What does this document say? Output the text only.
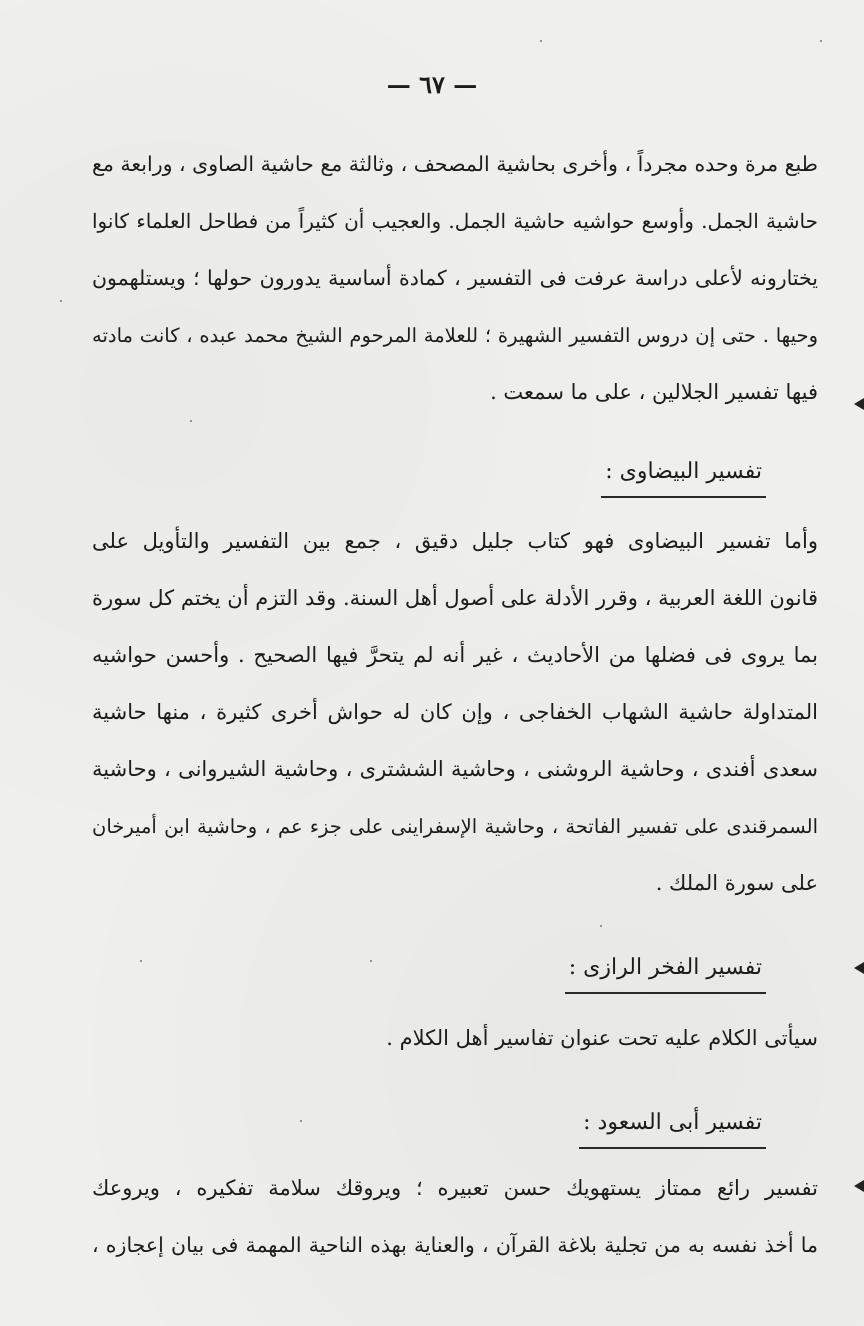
— ٦٧ —
طبع مرة وحده مجرداً ، وأخرى بحاشية المصحف ، وثالثة مع حاشية الصاوى ، ورابعة مع
حاشية الجمل. وأوسع حواشيه حاشية الجمل. والعجيب أن كثيراً من فطاحل العلماء كانوا
يختارونه لأعلى دراسة عرفت فى التفسير ، كمادة أساسية يدورون حولها ؛ ويستلهمون
وحيها . حتى إن دروس التفسير الشهيرة ؛ للعلامة المرحوم الشيخ محمد عبده ، كانت مادته
فيها تفسير الجلالين ، على ما سمعت .
تفسير البيضاوى :
وأما تفسير البيضاوى فهو كتاب جليل دقيق ، جمع بين التفسير والتأويل على
قانون اللغة العربية ، وقرر الأدلة على أصول أهل السنة. وقد التزم أن يختم كل سورة
بما يروى فى فضلها من الأحاديث ، غير أنه لم يتحرَّ فيها الصحيح . وأحسن حواشيه
المتداولة حاشية الشهاب الخفاجى ، وإن كان له حواش أخرى كثيرة ، منها حاشية
سعدى أفندى ، وحاشية الروشنى ، وحاشية الششترى ، وحاشية الشيروانى ، وحاشية
السمرقندى على تفسير الفاتحة ، وحاشية الإسفراينى على جزء عم ، وحاشية ابن أميرخان
على سورة الملك .
تفسير الفخر الرازى :
سيأتى الكلام عليه تحت عنوان تفاسير أهل الكلام .
تفسير أبى السعود :
تفسير رائع ممتاز يستهويك حسن تعبيره ؛ ويروقك سلامة تفكيره ، ويروعك
ما أخذ نفسه به من تجلية بلاغة القرآن ، والعناية بهذه الناحية المهمة فى بيان إعجازه ،
